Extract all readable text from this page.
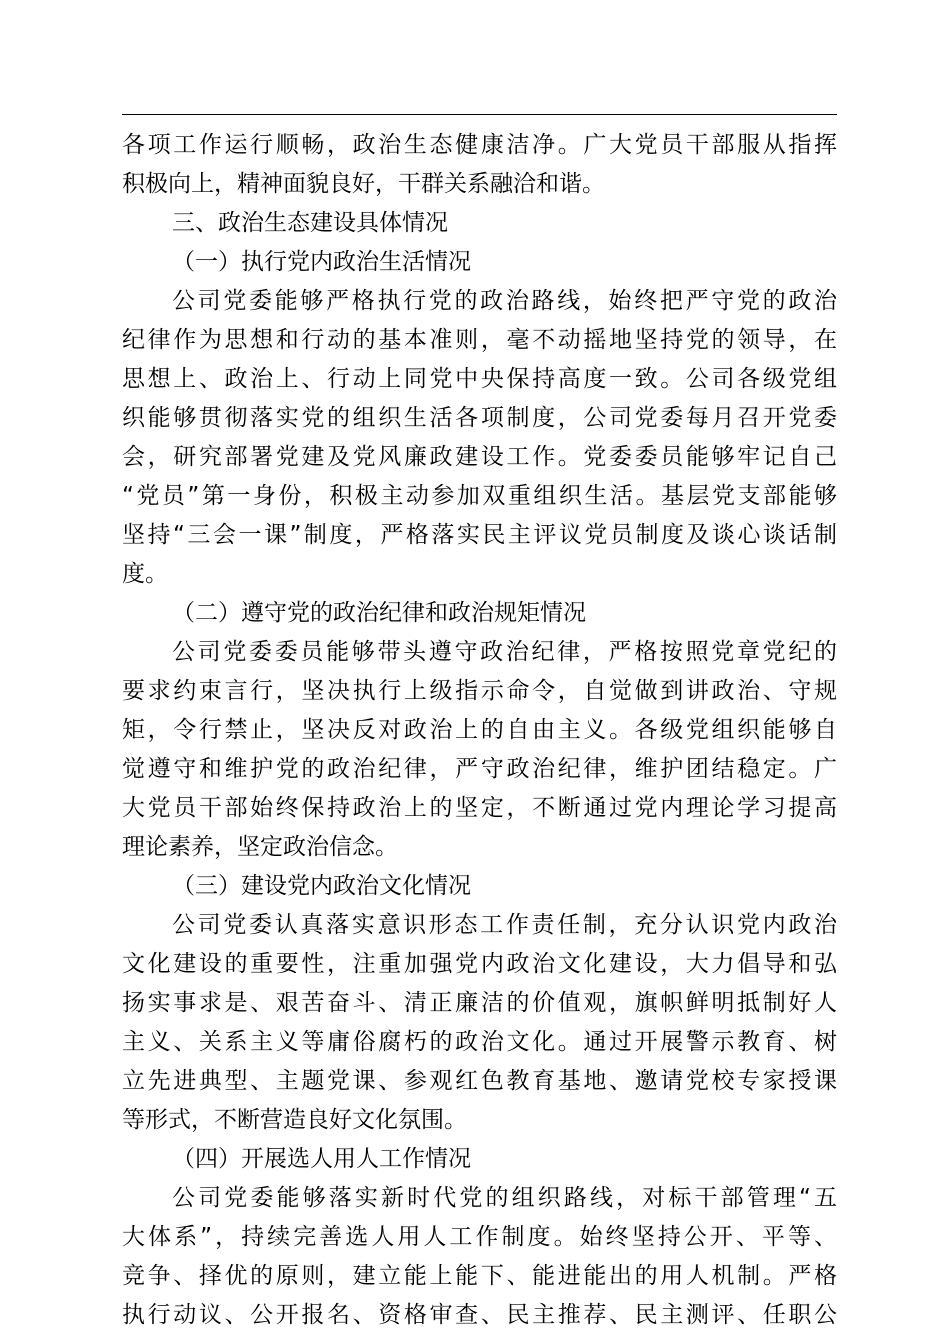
各项工作运行顺畅，政治生态健康洁净。广大党员干部服从指挥
积极向上，精神面貌良好，干群关系融洽和谐。
三、政治生态建设具体情况
（一）执行党内政治生活情况
公司党委能够严格执行党的政治路线，始终把严守党的政治
纪律作为思想和行动的基本准则，毫不动摇地坚持党的领导，在
思想上、政治上、行动上同党中央保持高度一致。公司各级党组
织能够贯彻落实党的组织生活各项制度，公司党委每月召开党委
会，研究部署党建及党风廉政建设工作。党委委员能够牢记自己
“党员”第一身份，积极主动参加双重组织生活。基层党支部能够
坚持“三会一课”制度，严格落实民主评议党员制度及谈心谈话制
度。
（二）遵守党的政治纪律和政治规矩情况
公司党委委员能够带头遵守政治纪律，严格按照党章党纪的
要求约束言行，坚决执行上级指示命令，自觉做到讲政治、守规
矩，令行禁止，坚决反对政治上的自由主义。各级党组织能够自
觉遵守和维护党的政治纪律，严守政治纪律，维护团结稳定。广
大党员干部始终保持政治上的坚定，不断通过党内理论学习提高
理论素养，坚定政治信念。
（三）建设党内政治文化情况
公司党委认真落实意识形态工作责任制，充分认识党内政治
文化建设的重要性，注重加强党内政治文化建设，大力倡导和弘
扬实事求是、艰苦奋斗、清正廉洁的价值观，旗帜鲜明抵制好人
主义、关系主义等庸俗腐朽的政治文化。通过开展警示教育、树
立先进典型、主题党课、参观红色教育基地、邀请党校专家授课
等形式，不断营造良好文化氛围。
（四）开展选人用人工作情况
公司党委能够落实新时代党的组织路线，对标干部管理“五
大体系”，持续完善选人用人工作制度。始终坚持公开、平等、
竞争、择优的原则，建立能上能下、能进能出的用人机制。严格
执行动议、公开报名、资格审查、民主推荐、民主测评、任职公
